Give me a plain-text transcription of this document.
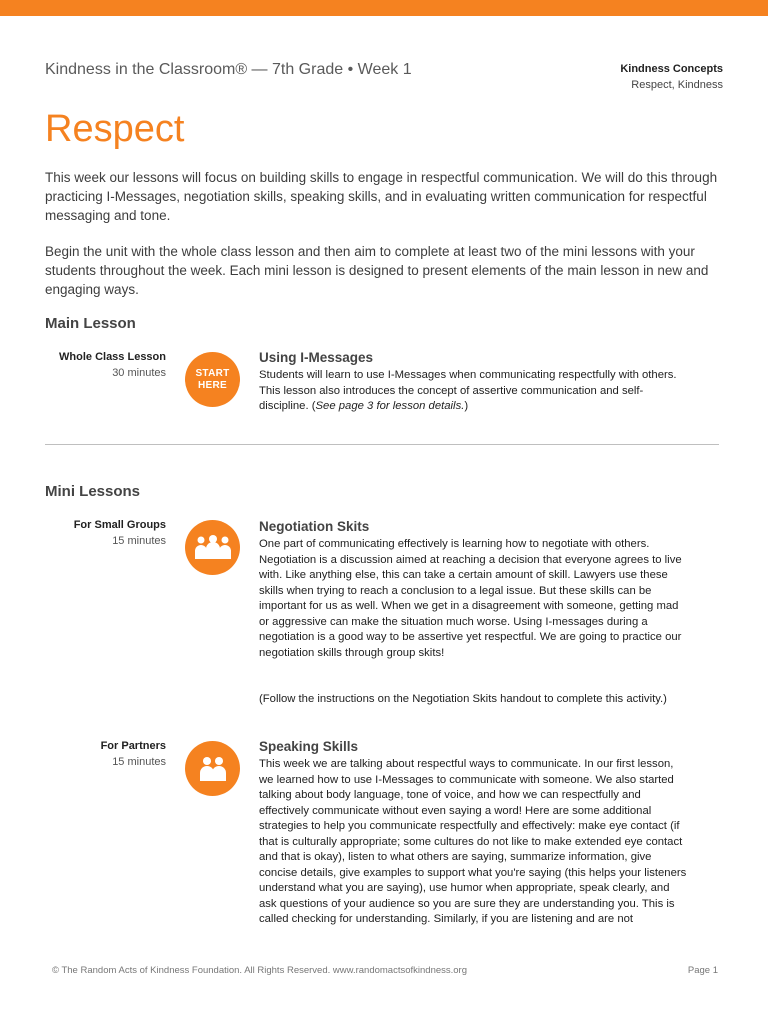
Kindness in the Classroom® — 7th Grade • Week 1	Kindness Concepts
Respect, Kindness
Respect

This week our lessons will focus on building skills to engage in respectful communication. We will do this through practicing I-Messages, negotiation skills, speaking skills, and in evaluating written communication for respectful messaging and tone.

Begin the unit with the whole class lesson and then aim to complete at least two of the mini lessons with your students throughout the week. Each mini lesson is designed to present elements of the main lesson in new and engaging ways.

Main Lesson
Whole Class Lesson
30 minutes	START
HERE
Using I-Messages

Students will learn to use I-Messages when communicating respectfully with others. This lesson also introduces the concept of assertive communication and self-discipline. (See page 3 for lesson details.)

Mini Lessons
For Small Groups
15 minutes
Negotiation Skits

One part of communicating effectively is learning how to negotiate with others. Negotiation is a discussion aimed at reaching a decision that everyone agrees to live with. Like anything else, this can take a certain amount of skill. Lawyers use these skills when trying to reach a conclusion to a legal issue. But these skills can be important for us as well. When we get in a disagreement with someone, getting mad or aggressive can make the situation much worse. Using I-messages during a negotiation is a good way to be assertive yet respectful. We are going to practice our negotiation skills through group skits!

(Follow the instructions on the Negotiation Skits handout to complete this activity.)

For Partners
15 minutes
Speaking Skills

This week we are talking about respectful ways to communicate. In our first lesson, we learned how to use I-Messages to communicate with someone. We also started talking about body language, tone of voice, and how we can respectfully and effectively communicate without even saying a word! Here are some additional strategies to help you communicate respectfully and effectively: make eye contact (if that is culturally appropriate; some cultures do not like to make extended eye contact and that is okay), listen to what others are saying, summarize information, give concise details, give examples to support what you're saying (this helps your listeners understand what you are saying), use humor when appropriate, speak clearly, and ask questions of your audience so you are sure they are understanding you. This is called checking for understanding. Similarly, if you are listening and are not

© The Random Acts of Kindness Foundation. All Rights Reserved. www.randomactsofkindness.org	Page 1
